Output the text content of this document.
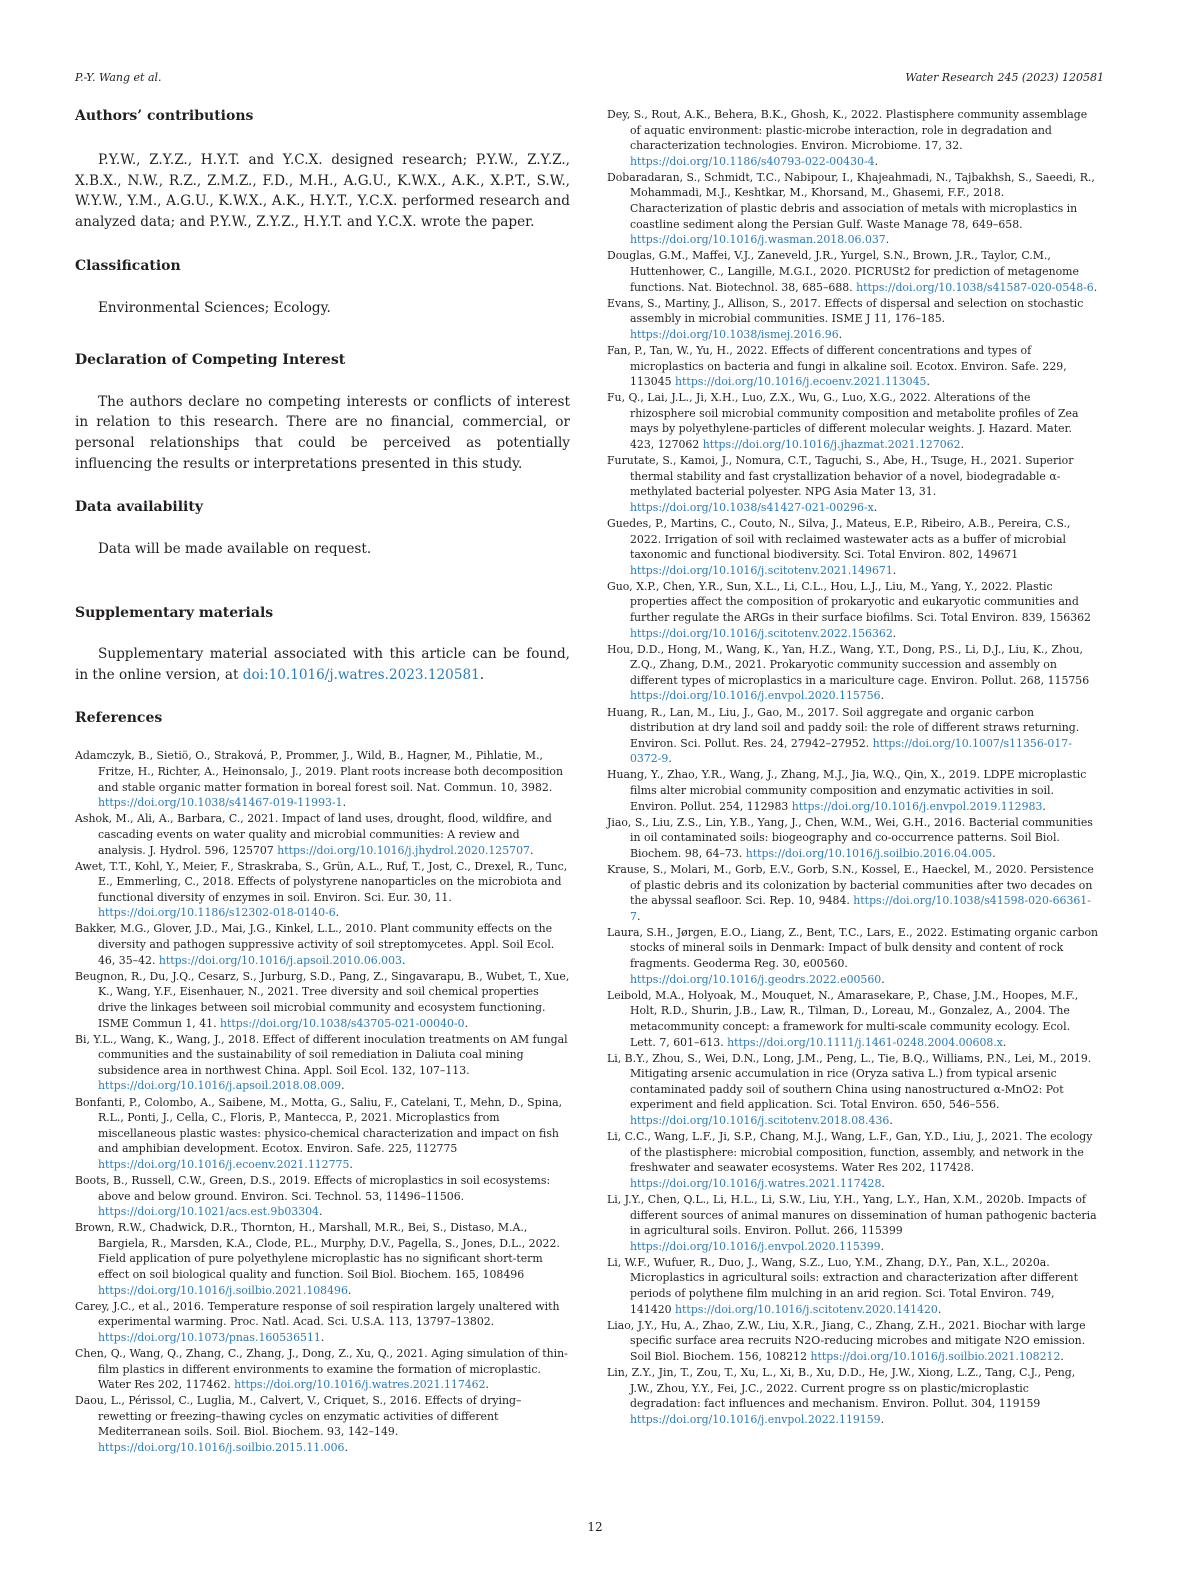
P.-Y. Wang et al.	Water Research 245 (2023) 120581
Authors’ contributions

P.Y.W., Z.Y.Z., H.Y.T. and Y.C.X. designed research; P.Y.W., Z.Y.Z., X.B.X., N.W., R.Z., Z.M.Z., F.D., M.H., A.G.U., K.W.X., A.K., X.P.T., S.W., W.Y.W., Y.M., A.G.U., K.W.X., A.K., H.Y.T., Y.C.X. performed research and analyzed data; and P.Y.W., Z.Y.Z., H.Y.T. and Y.C.X. wrote the paper.

Classification

Environmental Sciences; Ecology.

Declaration of Competing Interest

The authors declare no competing interests or conflicts of interest in relation to this research. There are no financial, commercial, or personal relationships that could be perceived as potentially influencing the results or interpretations presented in this study.

Data availability

Data will be made available on request.

Supplementary materials

Supplementary material associated with this article can be found, in the online version, at doi:10.1016/j.watres.2023.120581.

References

Adamczyk, B., Sietiö, O., Straková, P., Prommer, J., Wild, B., Hagner, M., Pihlatie, M., Fritze, H., Richter, A., Heinonsalo, J., 2019. Plant roots increase both decomposition and stable organic matter formation in boreal forest soil. Nat. Commun. 10, 3982. https://doi.org/10.1038/s41467-019-11993-1.

Ashok, M., Ali, A., Barbara, C., 2021. Impact of land uses, drought, flood, wildfire, and cascading events on water quality and microbial communities: A review and analysis. J. Hydrol. 596, 125707 https://doi.org/10.1016/j.jhydrol.2020.125707.

Awet, T.T., Kohl, Y., Meier, F., Straskraba, S., Grün, A.L., Ruf, T., Jost, C., Drexel, R., Tunc, E., Emmerling, C., 2018. Effects of polystyrene nanoparticles on the microbiota and functional diversity of enzymes in soil. Environ. Sci. Eur. 30, 11. https://doi.org/10.1186/s12302-018-0140-6.

Bakker, M.G., Glover, J.D., Mai, J.G., Kinkel, L.L., 2010. Plant community effects on the diversity and pathogen suppressive activity of soil streptomycetes. Appl. Soil Ecol. 46, 35–42. https://doi.org/10.1016/j.apsoil.2010.06.003.

Beugnon, R., Du, J.Q., Cesarz, S., Jurburg, S.D., Pang, Z., Singavarapu, B., Wubet, T., Xue, K., Wang, Y.F., Eisenhauer, N., 2021. Tree diversity and soil chemical properties drive the linkages between soil microbial community and ecosystem functioning. ISME Commun 1, 41. https://doi.org/10.1038/s43705-021-00040-0.

Bi, Y.L., Wang, K., Wang, J., 2018. Effect of different inoculation treatments on AM fungal communities and the sustainability of soil remediation in Daliuta coal mining subsidence area in northwest China. Appl. Soil Ecol. 132, 107–113. https://doi.org/10.1016/j.apsoil.2018.08.009.

Bonfanti, P., Colombo, A., Saibene, M., Motta, G., Saliu, F., Catelani, T., Mehn, D., Spina, R.L., Ponti, J., Cella, C., Floris, P., Mantecca, P., 2021. Microplastics from miscellaneous plastic wastes: physico-chemical characterization and impact on fish and amphibian development. Ecotox. Environ. Safe. 225, 112775 https://doi.org/10.1016/j.ecoenv.2021.112775.

Boots, B., Russell, C.W., Green, D.S., 2019. Effects of microplastics in soil ecosystems: above and below ground. Environ. Sci. Technol. 53, 11496–11506. https://doi.org/10.1021/acs.est.9b03304.

Brown, R.W., Chadwick, D.R., Thornton, H., Marshall, M.R., Bei, S., Distaso, M.A., Bargiela, R., Marsden, K.A., Clode, P.L., Murphy, D.V., Pagella, S., Jones, D.L., 2022. Field application of pure polyethylene microplastic has no significant short-term effect on soil biological quality and function. Soil Biol. Biochem. 165, 108496 https://doi.org/10.1016/j.soilbio.2021.108496.

Carey, J.C., et al., 2016. Temperature response of soil respiration largely unaltered with experimental warming. Proc. Natl. Acad. Sci. U.S.A. 113, 13797–13802. https://doi.org/10.1073/pnas.160536511.

Chen, Q., Wang, Q., Zhang, C., Zhang, J., Dong, Z., Xu, Q., 2021. Aging simulation of thin-film plastics in different environments to examine the formation of microplastic. Water Res 202, 117462. https://doi.org/10.1016/j.watres.2021.117462.

Daou, L., Périssol, C., Luglia, M., Calvert, V., Criquet, S., 2016. Effects of drying–rewetting or freezing–thawing cycles on enzymatic activities of different Mediterranean soils. Soil. Biol. Biochem. 93, 142–149. https://doi.org/10.1016/j.soilbio.2015.11.006.

Dey, S., Rout, A.K., Behera, B.K., Ghosh, K., 2022. Plastisphere community assemblage of aquatic environment: plastic-microbe interaction, role in degradation and characterization technologies. Environ. Microbiome. 17, 32. https://doi.org/10.1186/s40793-022-00430-4.

Dobaradaran, S., Schmidt, T.C., Nabipour, I., Khajeahmadi, N., Tajbakhsh, S., Saeedi, R., Mohammadi, M.J., Keshtkar, M., Khorsand, M., Ghasemi, F.F., 2018. Characterization of plastic debris and association of metals with microplastics in coastline sediment along the Persian Gulf. Waste Manage 78, 649–658. https://doi.org/10.1016/j.wasman.2018.06.037.

Douglas, G.M., Maffei, V.J., Zaneveld, J.R., Yurgel, S.N., Brown, J.R., Taylor, C.M., Huttenhower, C., Langille, M.G.I., 2020. PICRUSt2 for prediction of metagenome functions. Nat. Biotechnol. 38, 685–688. https://doi.org/10.1038/s41587-020-0548-6.

Evans, S., Martiny, J., Allison, S., 2017. Effects of dispersal and selection on stochastic assembly in microbial communities. ISME J 11, 176–185. https://doi.org/10.1038/ismej.2016.96.

Fan, P., Tan, W., Yu, H., 2022. Effects of different concentrations and types of microplastics on bacteria and fungi in alkaline soil. Ecotox. Environ. Safe. 229, 113045 https://doi.org/10.1016/j.ecoenv.2021.113045.

Fu, Q., Lai, J.L., Ji, X.H., Luo, Z.X., Wu, G., Luo, X.G., 2022. Alterations of the rhizosphere soil microbial community composition and metabolite profiles of Zea mays by polyethylene-particles of different molecular weights. J. Hazard. Mater. 423, 127062 https://doi.org/10.1016/j.jhazmat.2021.127062.

Furutate, S., Kamoi, J., Nomura, C.T., Taguchi, S., Abe, H., Tsuge, H., 2021. Superior thermal stability and fast crystallization behavior of a novel, biodegradable α-methylated bacterial polyester. NPG Asia Mater 13, 31. https://doi.org/10.1038/s41427-021-00296-x.

Guedes, P., Martins, C., Couto, N., Silva, J., Mateus, E.P., Ribeiro, A.B., Pereira, C.S., 2022. Irrigation of soil with reclaimed wastewater acts as a buffer of microbial taxonomic and functional biodiversity. Sci. Total Environ. 802, 149671 https://doi.org/10.1016/j.scitotenv.2021.149671.

Guo, X.P., Chen, Y.R., Sun, X.L., Li, C.L., Hou, L.J., Liu, M., Yang, Y., 2022. Plastic properties affect the composition of prokaryotic and eukaryotic communities and further regulate the ARGs in their surface biofilms. Sci. Total Environ. 839, 156362 https://doi.org/10.1016/j.scitotenv.2022.156362.

Hou, D.D., Hong, M., Wang, K., Yan, H.Z., Wang, Y.T., Dong, P.S., Li, D.J., Liu, K., Zhou, Z.Q., Zhang, D.M., 2021. Prokaryotic community succession and assembly on different types of microplastics in a mariculture cage. Environ. Pollut. 268, 115756 https://doi.org/10.1016/j.envpol.2020.115756.

Huang, R., Lan, M., Liu, J., Gao, M., 2017. Soil aggregate and organic carbon distribution at dry land soil and paddy soil: the role of different straws returning. Environ. Sci. Pollut. Res. 24, 27942–27952. https://doi.org/10.1007/s11356-017-0372-9.

Huang, Y., Zhao, Y.R., Wang, J., Zhang, M.J., Jia, W.Q., Qin, X., 2019. LDPE microplastic films alter microbial community composition and enzymatic activities in soil. Environ. Pollut. 254, 112983 https://doi.org/10.1016/j.envpol.2019.112983.

Jiao, S., Liu, Z.S., Lin, Y.B., Yang, J., Chen, W.M., Wei, G.H., 2016. Bacterial communities in oil contaminated soils: biogeography and co-occurrence patterns. Soil Biol. Biochem. 98, 64–73. https://doi.org/10.1016/j.soilbio.2016.04.005.

Krause, S., Molari, M., Gorb, E.V., Gorb, S.N., Kossel, E., Haeckel, M., 2020. Persistence of plastic debris and its colonization by bacterial communities after two decades on the abyssal seafloor. Sci. Rep. 10, 9484. https://doi.org/10.1038/s41598-020-66361-7.

Laura, S.H., Jørgen, E.O., Liang, Z., Bent, T.C., Lars, E., 2022. Estimating organic carbon stocks of mineral soils in Denmark: Impact of bulk density and content of rock fragments. Geoderma Reg. 30, e00560. https://doi.org/10.1016/j.geodrs.2022.e00560.

Leibold, M.A., Holyoak, M., Mouquet, N., Amarasekare, P., Chase, J.M., Hoopes, M.F., Holt, R.D., Shurin, J.B., Law, R., Tilman, D., Loreau, M., Gonzalez, A., 2004. The metacommunity concept: a framework for multi-scale community ecology. Ecol. Lett. 7, 601–613. https://doi.org/10.1111/j.1461-0248.2004.00608.x.

Li, B.Y., Zhou, S., Wei, D.N., Long, J.M., Peng, L., Tie, B.Q., Williams, P.N., Lei, M., 2019. Mitigating arsenic accumulation in rice (Oryza sativa L.) from typical arsenic contaminated paddy soil of southern China using nanostructured α-MnO2: Pot experiment and field application. Sci. Total Environ. 650, 546–556. https://doi.org/10.1016/j.scitotenv.2018.08.436.

Li, C.C., Wang, L.F., Ji, S.P., Chang, M.J., Wang, L.F., Gan, Y.D., Liu, J., 2021. The ecology of the plastisphere: microbial composition, function, assembly, and network in the freshwater and seawater ecosystems. Water Res 202, 117428. https://doi.org/10.1016/j.watres.2021.117428.

Li, J.Y., Chen, Q.L., Li, H.L., Li, S.W., Liu, Y.H., Yang, L.Y., Han, X.M., 2020b. Impacts of different sources of animal manures on dissemination of human pathogenic bacteria in agricultural soils. Environ. Pollut. 266, 115399 https://doi.org/10.1016/j.envpol.2020.115399.

Li, W.F., Wufuer, R., Duo, J., Wang, S.Z., Luo, Y.M., Zhang, D.Y., Pan, X.L., 2020a. Microplastics in agricultural soils: extraction and characterization after different periods of polythene film mulching in an arid region. Sci. Total Environ. 749, 141420 https://doi.org/10.1016/j.scitotenv.2020.141420.

Liao, J.Y., Hu, A., Zhao, Z.W., Liu, X.R., Jiang, C., Zhang, Z.H., 2021. Biochar with large specific surface area recruits N2O-reducing microbes and mitigate N2O emission. Soil Biol. Biochem. 156, 108212 https://doi.org/10.1016/j.soilbio.2021.108212.

Lin, Z.Y., Jin, T., Zou, T., Xu, L., Xi, B., Xu, D.D., He, J.W., Xiong, L.Z., Tang, C.J., Peng, J.W., Zhou, Y.Y., Fei, J.C., 2022. Current progre ss on plastic/microplastic degradation: fact influences and mechanism. Environ. Pollut. 304, 119159 https://doi.org/10.1016/j.envpol.2022.119159.

12
